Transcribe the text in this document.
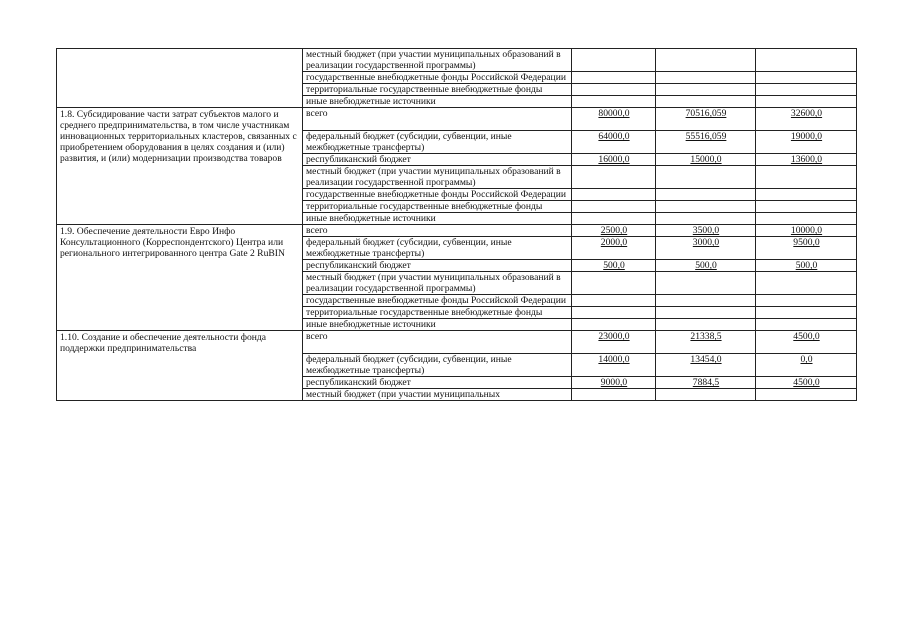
	местный бюджет (при участии муниципальных образований в реализации государственной программы)			
	государственные внебюджетные фонды Российской Федерации			
	территориальные государственные внебюджетные фонды			
	иные внебюджетные источники			
1.8. Субсидирование части затрат субъектов малого и среднего предпринимательства, в том числе участникам инновационных территориальных кластеров, связанных с приобретением оборудования в целях создания и (или) развития, и (или) модернизации производства товаров	всего	80000,0	70516,059	32600,0
	федеральный бюджет (субсидии, субвенции, иные межбюджетные трансферты)	64000,0	55516,059	19000,0
	республиканский бюджет	16000,0	15000,0	13600,0
	местный бюджет (при участии муниципальных образований в реализации государственной программы)			
	государственные внебюджетные фонды Российской Федерации			
	территориальные государственные внебюджетные фонды			
	иные внебюджетные источники			
1.9. Обеспечение деятельности Евро Инфо Консультационного (Корреспондентского) Центра или регионального интегрированного центра Gate 2 RuBIN	всего	2500,0	3500,0	10000,0
	федеральный бюджет (субсидии, субвенции, иные межбюджетные трансферты)	2000,0	3000,0	9500,0
	республиканский бюджет	500,0	500,0	500,0
	местный бюджет (при участии муниципальных образований в реализации государственной программы)			
	государственные внебюджетные фонды Российской Федерации			
	территориальные государственные внебюджетные фонды			
	иные внебюджетные источники			
1.10. Создание и обеспечение деятельности фонда поддержки предпринимательства	всего	23000,0	21338,5	4500,0
	федеральный бюджет (субсидии, субвенции, иные межбюджетные трансферты)	14000,0	13454,0	0,0
	республиканский бюджет	9000,0	7884,5	4500,0
	местный бюджет (при участии муниципальных			
